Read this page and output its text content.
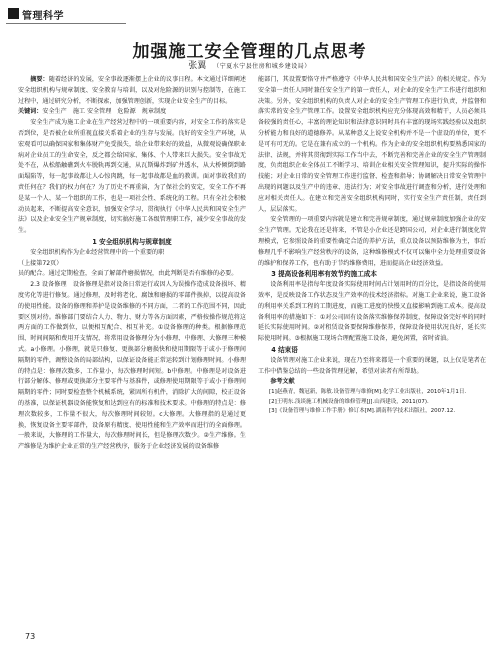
管理科学
加强施工安全管理的几点思考
张翼 （宁夏水宁县住房和城乡建设局）

摘要：随着经济的发展，安全事故逐渐摆上企业的议事日程。本文通过详细阐述安全组织机构与规章制度、安全教育与培训，以及对危险源的识别与控制等，在施工过程中，通过研究分析，不断探索，加强管理创新，实现企业安全生产的目标。

关键词：安全生产　施工 安全管理　危险源　规章制度

安全生产成为施工企业在生产经营过程中的一项重要内容，对安全工作的落实是否到位，是否被企业所重视直接关系着企业的生存与发展。良好的安全生产环境，从宏观看可以确保国家和集体财产免受损失，给企业带来好的效益，从微观说确保职业病对企业员工的生命安全，反之都会给国家、集体、个人带来巨大损失。安全事故无处不在，从松船触礁到火车脱轨再到交通，从瓦斯爆炸到矿井透水，从大桥倾倒到路面塌陷等，每一起事故都让人心惊肉跳，每一起事故都是血的教训。面对事故我们的责任何在？我们的权力何在？为了历史不再重演，为了保社会的安定，安全工作不再是某一个人、某一个组织的工作，也是一项社会性、系统化的工程。只有全社会积极动员起来，不断提高安全意识，加强安全学习，贯彻执行《中华人民共和国安全生产法》以及企业安全生产规章制度，切实搞好施工各级管理职工作，减少安全事故的发生。

1 安全组织机构与规章制度

安全组织机构作为企业经营管理中的一个重要的职

（上接第72页）

员的配合。通过定期检查，全面了解部件磨损情况，由此判断是否有维修的必要。

2.3 设备修理　设备修理是指对设备日常运行或因人为误操作造成设备损坏、精度劣化等进行修复。通过修理，及时将老化、腐蚀和磨损的零部件换掉，以提高设备的使用性能。设备的修理和养护是设备维修的不同方面，二者的工作范围不同，因此要区别对待。维修部门要结合人力、物力、财力等各方面因素，严格按操作规范将这两方面的工作做到位，以便相互配合、相互补充。①设备修理的种类。根据修理范围、时间间隔和费用开支情况，将常用设备修理分为小修理、中修理、大修理三种模式。a小修理。小修理，就是只修复、更换部分磨损快和使用期限等于或小于修理间隔期的零件，调整设备的局部结构，以保证设备能正常运转到计划修理时间。小修理的特点是：修理次数多，工作量小，每次修理时间短。b中修理。中修理是对设备进行部分解体、修理或更换部分主要零件与基准件，或修理使用期限等于或小于修理间隔期的零件；同时要检查整个机械系统，紧固所有机件，消除扩大的间隙，校正设备的基准，以保证机器设备能恢复和达到应有的标准和技术要求。中修理的特点是：修理次数较多，工作量不很大，每次修理时间较短。c大修理。大修理指的是通过更换，恢复设备主要零部件，设备原有精度、使用性能和生产效率而进行的全面修理。一般来说，大修理的工作量大，每次修理时间长，但是修理次数少。②生产维修。生产维修是为维护企业正常的生产经营秩序，服务于企业经济发展的设备维修

能部门，其设置要恪守并严格遵守《中华人民共和国安全生产法》的相关规定。作为安全第一责任人同时兼任安全生产的第一责任人，对企业的安全生产工作进行组织和决策。另外，安全组织机构的负责人对企业的安全生产管理工作进行负责，并监督和落实常的安全生产管理工作。设置安全组织机构应充分体现高效和精干，人员必须具备较强的责任心，丰富的理论知识和法律意识同时具有丰富的现场实践经验以及组织分析能力和良好的道德修养。从某种意义上说安全机构并不是一个虚设的单位，更不是可有可无的。它是在兼有成立的一个机构。作为企业的安全组织机构要熟悉国家的法律、法规，并将其贯彻到实际工作当中去，不断完善和完善企业的安全生产管理制度，负责组织企业全体员工不断学习、培训企业相关安全管理知识，提升实际的操作技能；对企业日常的安全管理工作进行监督、检查和指导；协调解决日常安全管理中出现的问题以及生产中的违章、违法行为；对安全事故进行调查和分析，进行处理和应对相关责任人。在建立和完善安全组织机构同时，实行安全生产责任制，责任到人，层层落实。

安全管理的一项重要内容就是建立和完善规章制度，通过规章制度加强企业的安全生产管理。无论我在还是将来，不管是小企业还是跨国公司，对企业进行制度化管理模式，它参照设备的重要性确定合适的养护方法，重点设备以预防维修为主，事后修理几乎不影响生产经营秩序的设备，这种维修模式不仅可以集中全力处理重要设备的维护和保养工作，也有助于节约维修费用，进而提高企业经济效益。

3 提高设备利用率有效节约施工成本

设备利用率是指每年度设备实际使用时间占计划用时的百分比，是指设备的使用效率，是反映设备工作状态及生产效率的技术经济指标。对施工企业来说，施工设备的利用率关系到工程的工期进度，而施工进度的快慢又直接影响到施工成本。提高设备利用率的措施如下：①对公司固有设备落实维修保养制度，保障设备完好率的同时延长实际使用时间。②对租赁设备要保障维修保养，保障设备使用状况良好，延长实际使用时间。③根据施工现场合理配置施工设备，避免闲置，省时省油。

4 结束语

设备管理对施工企业来说，现在乃至将来都是一个重要的课题，以上仅是笔者在工作中借鉴总结的一些设备管理见解，希望对读者有所帮助。

参考文献

[1]赵燕青，魏冠新，陈敏.设备管理与维修[M].化学工业出版社，2010年1月1日.

[2]王明东.浅谈施工机械设备的维修管理[J].山西建设，2011(07).

[3]《设备管理与维修工作手册》修订本[M].湖南科学技术出版社，2007.12.

73
